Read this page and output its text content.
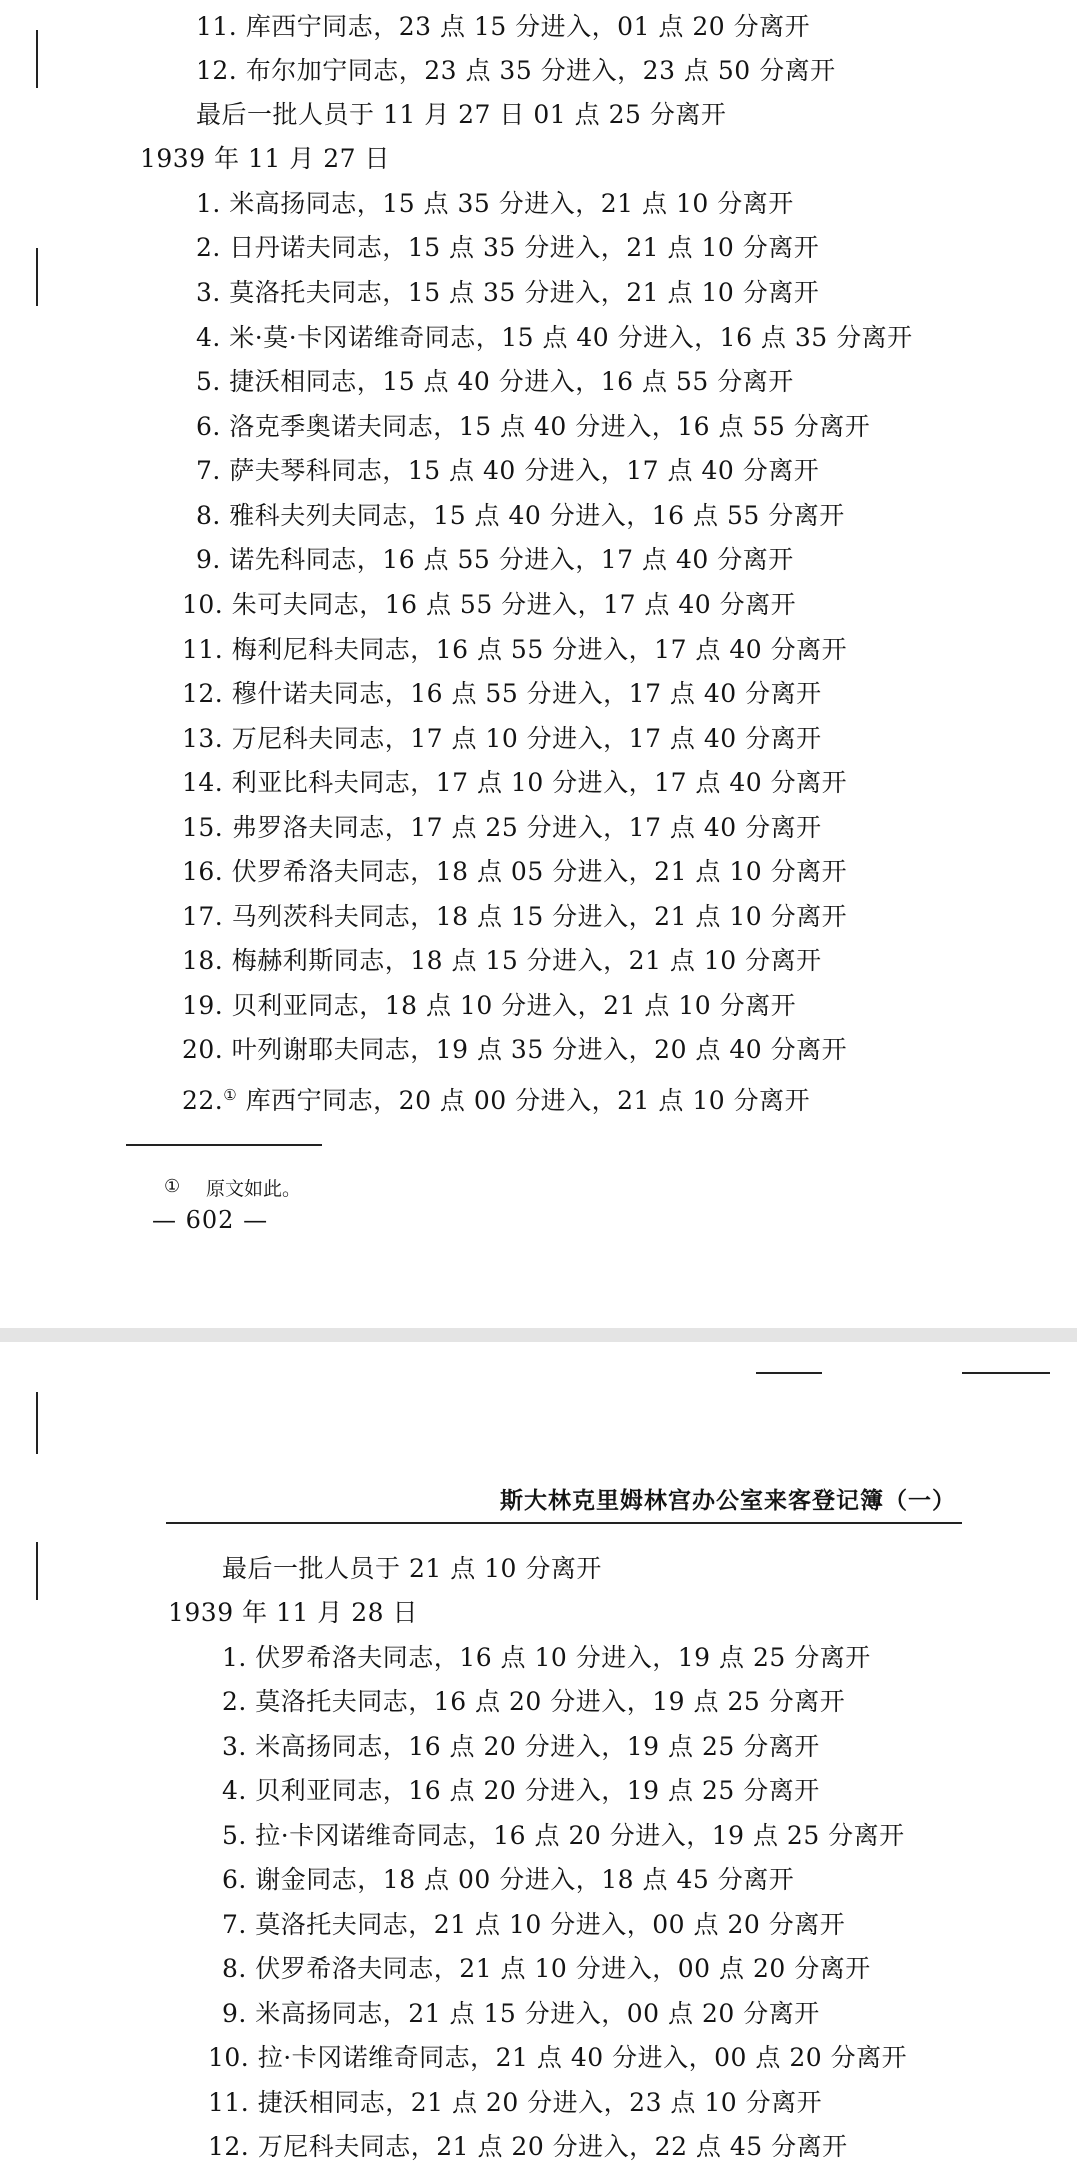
11. 库西宁同志，23 点 15 分进入，01 点 20 分离开
12. 布尔加宁同志，23 点 35 分进入，23 点 50 分离开
最后一批人员于 11 月 27 日 01 点 25 分离开
1939 年 11 月 27 日
1. 米高扬同志，15 点 35 分进入，21 点 10 分离开
2. 日丹诺夫同志，15 点 35 分进入，21 点 10 分离开
3. 莫洛托夫同志，15 点 35 分进入，21 点 10 分离开
4. 米·莫·卡冈诺维奇同志，15 点 40 分进入，16 点 35 分离开
5. 捷沃相同志，15 点 40 分进入，16 点 55 分离开
6. 洛克季奥诺夫同志，15 点 40 分进入，16 点 55 分离开
7. 萨夫琴科同志，15 点 40 分进入，17 点 40 分离开
8. 雅科夫列夫同志，15 点 40 分进入，16 点 55 分离开
9. 诺先科同志，16 点 55 分进入，17 点 40 分离开
10. 朱可夫同志，16 点 55 分进入，17 点 40 分离开
11. 梅利尼科夫同志，16 点 55 分进入，17 点 40 分离开
12. 穆什诺夫同志，16 点 55 分进入，17 点 40 分离开
13. 万尼科夫同志，17 点 10 分进入，17 点 40 分离开
14. 利亚比科夫同志，17 点 10 分进入，17 点 40 分离开
15. 弗罗洛夫同志，17 点 25 分进入，17 点 40 分离开
16. 伏罗希洛夫同志，18 点 05 分进入，21 点 10 分离开
17. 马列茨科夫同志，18 点 15 分进入，21 点 10 分离开
18. 梅赫利斯同志，18 点 15 分进入，21 点 10 分离开
19. 贝利亚同志，18 点 10 分进入，21 点 10 分离开
20. 叶列谢耶夫同志，19 点 35 分进入，20 点 40 分离开
22.① 库西宁同志，20 点 00 分进入，21 点 10 分离开
① 原文如此。
— 602 —
斯大林克里姆林宫办公室来客登记簿（一）
最后一批人员于 21 点 10 分离开
1939 年 11 月 28 日
1. 伏罗希洛夫同志，16 点 10 分进入，19 点 25 分离开
2. 莫洛托夫同志，16 点 20 分进入，19 点 25 分离开
3. 米高扬同志，16 点 20 分进入，19 点 25 分离开
4. 贝利亚同志，16 点 20 分进入，19 点 25 分离开
5. 拉·卡冈诺维奇同志，16 点 20 分进入，19 点 25 分离开
6. 谢金同志，18 点 00 分进入，18 点 45 分离开
7. 莫洛托夫同志，21 点 10 分进入，00 点 20 分离开
8. 伏罗希洛夫同志，21 点 10 分进入，00 点 20 分离开
9. 米高扬同志，21 点 15 分进入，00 点 20 分离开
10. 拉·卡冈诺维奇同志，21 点 40 分进入，00 点 20 分离开
11. 捷沃相同志，21 点 20 分进入，23 点 10 分离开
12. 万尼科夫同志，21 点 20 分进入，22 点 45 分离开
